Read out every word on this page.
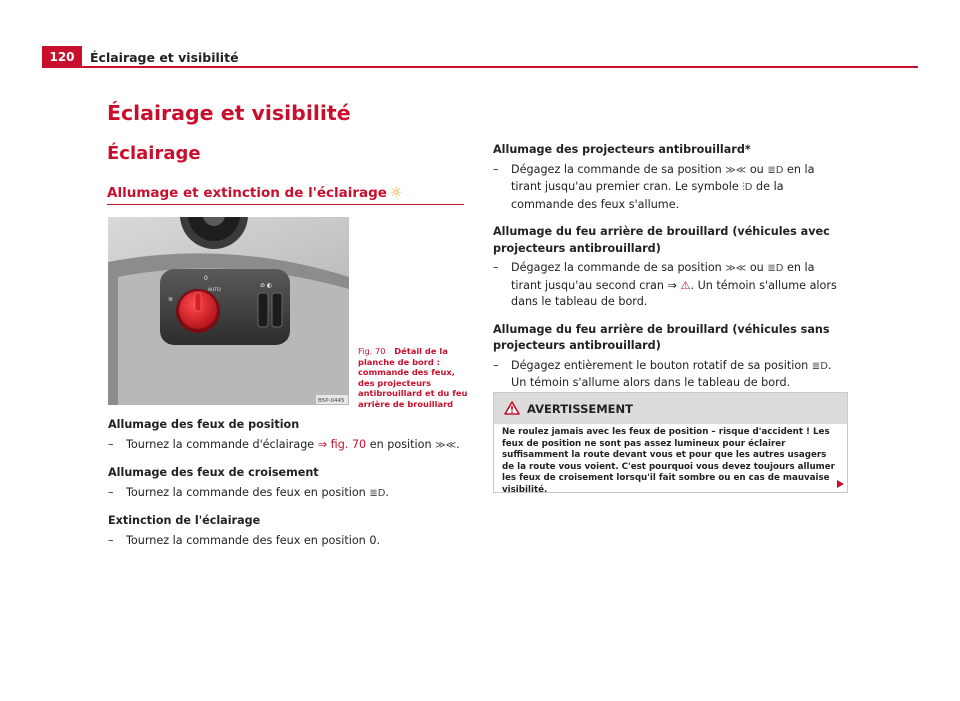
120	Éclairage et visibilité
Éclairage et visibilité
Éclairage
Allumage et extinction de l'éclairage ☼
0
AUTO
≋
⊘ ◐
B5P-0445
Fig. 70 Détail de la planche de bord : commande des feux, des projecteurs antibrouillard et du feu arrière de brouillard

Allumage des feux de position

– Tournez la commande d'éclairage ⇒ fig. 70 en position ≫≪.

Allumage des feux de croisement

– Tournez la commande des feux en position ≣D.

Extinction de l'éclairage

– Tournez la commande des feux en position 0.

Allumage des projecteurs antibrouillard*

– Dégagez la commande de sa position ≫≪ ou ≣D en la tirant jusqu'au premier cran. Le symbole ⫶D de la commande des feux s'allume.

Allumage du feu arrière de brouillard (véhicules avec projecteurs antibrouillard)

– Dégagez la commande de sa position ≫≪ ou ≣D en la tirant jusqu'au second cran ⇒ ⚠. Un témoin s'allume alors dans le tableau de bord.

Allumage du feu arrière de brouillard (véhicules sans projecteurs antibrouillard)

– Dégagez entièrement le bouton rotatif de sa position ≣D. Un témoin s'allume alors dans le tableau de bord.
AVERTISSEMENT
Ne roulez jamais avec les feux de position – risque d'accident ! Les feux de position ne sont pas assez lumineux pour éclairer suffisamment la route devant vous et pour que les autres usagers de la route vous voient. C'est pourquoi vous devez toujours allumer les feux de croisement lorsqu'il fait sombre ou en cas de mauvaise visibilité.
